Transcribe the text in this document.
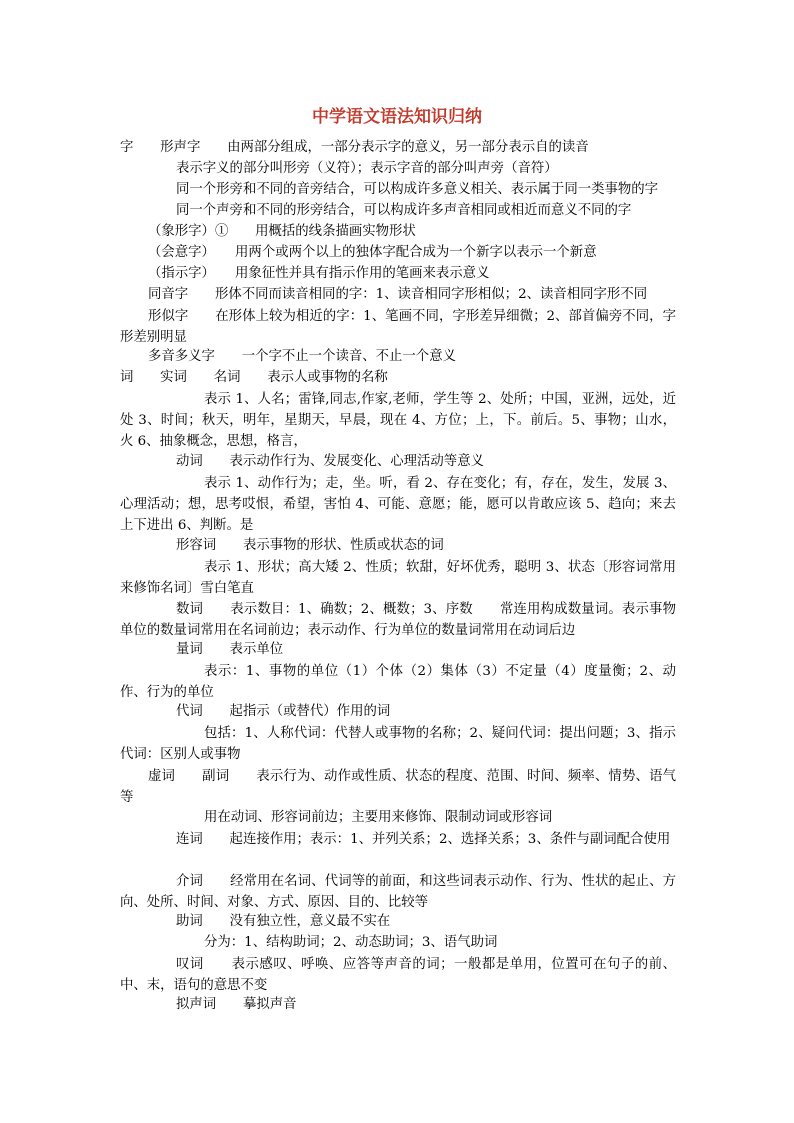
中学语文语法知识归纳
字　　形声字　　由两部分组成，一部分表示字的意义，另一部分表示自的读音
表示字义的部分叫形旁（义符）；表示字音的部分叫声旁（音符）
同一个形旁和不同的音旁结合，可以构成许多意义相关、表示属于同一类事物的字
同一个声旁和不同的形旁结合，可以构成许多声音相同或相近而意义不同的字
（象形字）①　　用概括的线条描画实物形状
（会意字）　　用两个或两个以上的独体字配合成为一个新字以表示一个新意
（指示字）　　用象征性并具有指示作用的笔画来表示意义
同音字　　形体不同而读音相同的字：1、读音相同字形相似；2、读音相同字形不同
形似字　　在形体上较为相近的字：1、笔画不同，字形差异细微；2、部首偏旁不同，字形差别明显
多音多义字　　一个字不止一个读音、不止一个意义
词　　实词　　名词　　表示人或事物的名称
表示 1、人名；雷锋,同志,作家,老师，学生等 2、处所；中国，亚洲，远处，近处 3、时间；秋天，明年，星期天，早晨，现在 4、方位；上，下。前后。5、事物；山水，火 6、抽象概念，思想，格言，
动词　　表示动作行为、发展变化、心理活动等意义
表示 1、动作行为；走，坐。听，看 2、存在变化；有，存在，发生，发展 3、心理活动；想，思考哎恨，希望，害怕 4、可能、意愿；能，愿可以肯敢应该 5、趋向；来去上下进出 6、判断。是
形容词　　表示事物的形状、性质或状态的词
表示 1、形状；高大矮 2、性质；软甜，好坏优秀，聪明 3、状态〔形容词常用来修饰名词〕雪白笔直
数词　　表示数目：1、确数；2、概数；3、序数　　常连用构成数量词。表示事物单位的数量词常用在名词前边；表示动作、行为单位的数量词常用在动词后边
量词　　表示单位
表示：1、事物的单位（1）个体（2）集体（3）不定量（4）度量衡；2、动作、行为的单位
代词　　起指示（或替代）作用的词
包括：1、人称代词：代替人或事物的名称；2、疑问代词：提出问题；3、指示代词：区别人或事物
虚词　　副词　　表示行为、动作或性质、状态的程度、范围、时间、频率、情势、语气等
用在动词、形容词前边；主要用来修饰、限制动词或形容词
连词　　起连接作用；表示：1、并列关系；2、选择关系；3、条件与副词配合使用
介词　　经常用在名词、代词等的前面，和这些词表示动作、行为、性状的起止、方向、处所、时间、对象、方式、原因、目的、比较等
助词　　没有独立性，意义最不实在
分为：1、结构助词；2、动态助词；3、语气助词
叹词　　表示感叹、呼唤、应答等声音的词；一般都是单用，位置可在句子的前、中、末，语句的意思不变
拟声词　　摹拟声音
